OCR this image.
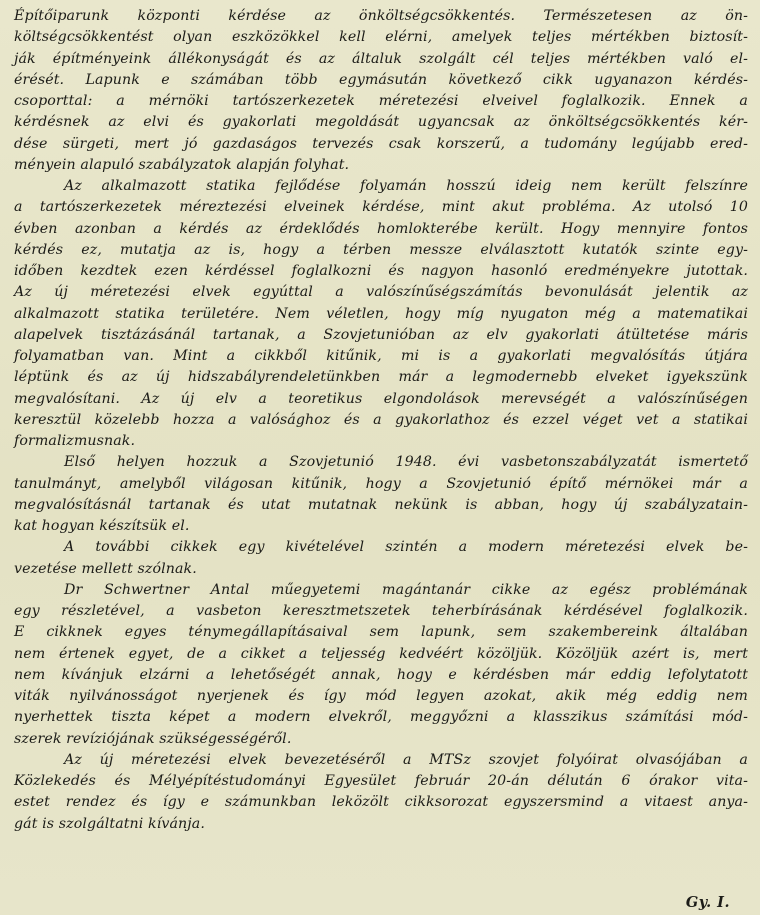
Építőiparunk központi kérdése az önköltségcsökkentés. Természetesen az ön-
költségcsökkentést olyan eszközökkel kell elérni, amelyek teljes mértékben biztosít-
ják építményeink állékonyságát és az általuk szolgált cél teljes mértékben való el-
érését. Lapunk e számában több egymásután következő cikk ugyanazon kérdés-
csoporttal: a mérnöki tartószerkezetek méretezési elveivel foglalkozik. Ennek a
kérdésnek az elvi és gyakorlati megoldását ugyancsak az önköltségcsökkentés kér-
dése sürgeti, mert jó gazdaságos tervezés csak korszerű, a tudomány legújabb ered-
ményein alapuló szabályzatok alapján folyhat.
Az alkalmazott statika fejlődése folyamán hosszú ideig nem került felszínre
a tartószerkezetek méreztezési elveinek kérdése, mint akut probléma. Az utolsó 10
évben azonban a kérdés az érdeklődés homlokterébe került. Hogy mennyire fontos
kérdés ez, mutatja az is, hogy a térben messze elválasztott kutatók szinte egy-
időben kezdtek ezen kérdéssel foglalkozni és nagyon hasonló eredményekre jutottak.
Az új méretezési elvek egyúttal a valószínűségszámítás bevonulását jelentik az
alkalmazott statika területére. Nem véletlen, hogy míg nyugaton még a matematikai
alapelvek tisztázásánál tartanak, a Szovjetunióban az elv gyakorlati átültetése máris
folyamatban van. Mint a cikkből kitűnik, mi is a gyakorlati megvalósítás útjára
léptünk és az új hidszabályrendeletünkben már a legmodernebb elveket igyekszünk
megvalósítani. Az új elv a teoretikus elgondolások merevségét a valószínűségen
keresztül közelebb hozza a valósághoz és a gyakorlathoz és ezzel véget vet a statikai
formalizmusnak.
Első helyen hozzuk a Szovjetunió 1948. évi vasbetonszabályzatát ismertető
tanulmányt, amelyből világosan kitűnik, hogy a Szovjetunió építő mérnökei már a
megvalósításnál tartanak és utat mutatnak nekünk is abban, hogy új szabályzatain-
kat hogyan készítsük el.
A további cikkek egy kivételével szintén a modern méretezési elvek be-
vezetése mellett szólnak.
Dr Schwertner Antal műegyetemi magántanár cikke az egész problémának
egy részletével, a vasbeton keresztmetszetek teherbírásának kérdésével foglalkozik.
E cikknek egyes ténymegállapításaival sem lapunk, sem szakembereink általában
nem értenek egyet, de a cikket a teljesség kedvéért közöljük. Közöljük azért is, mert
nem kívánjuk elzárni a lehetőségét annak, hogy e kérdésben már eddig lefolytatott
viták nyilvánosságot nyerjenek és így mód legyen azokat, akik még eddig nem
nyerhettek tiszta képet a modern elvekről, meggyőzni a klasszikus számítási mód-
szerek revíziójának szükségességéről.
Az új méretezési elvek bevezetéséről a MTSz szovjet folyóirat olvasójában a
Közlekedés és Mélyépítéstudományi Egyesület február 20-án délután 6 órakor vita-
estet rendez és így e számunkban leközölt cikksorozat egyszersmind a vitaest anya-
gát is szolgáltatni kívánja.
Gy. I.
